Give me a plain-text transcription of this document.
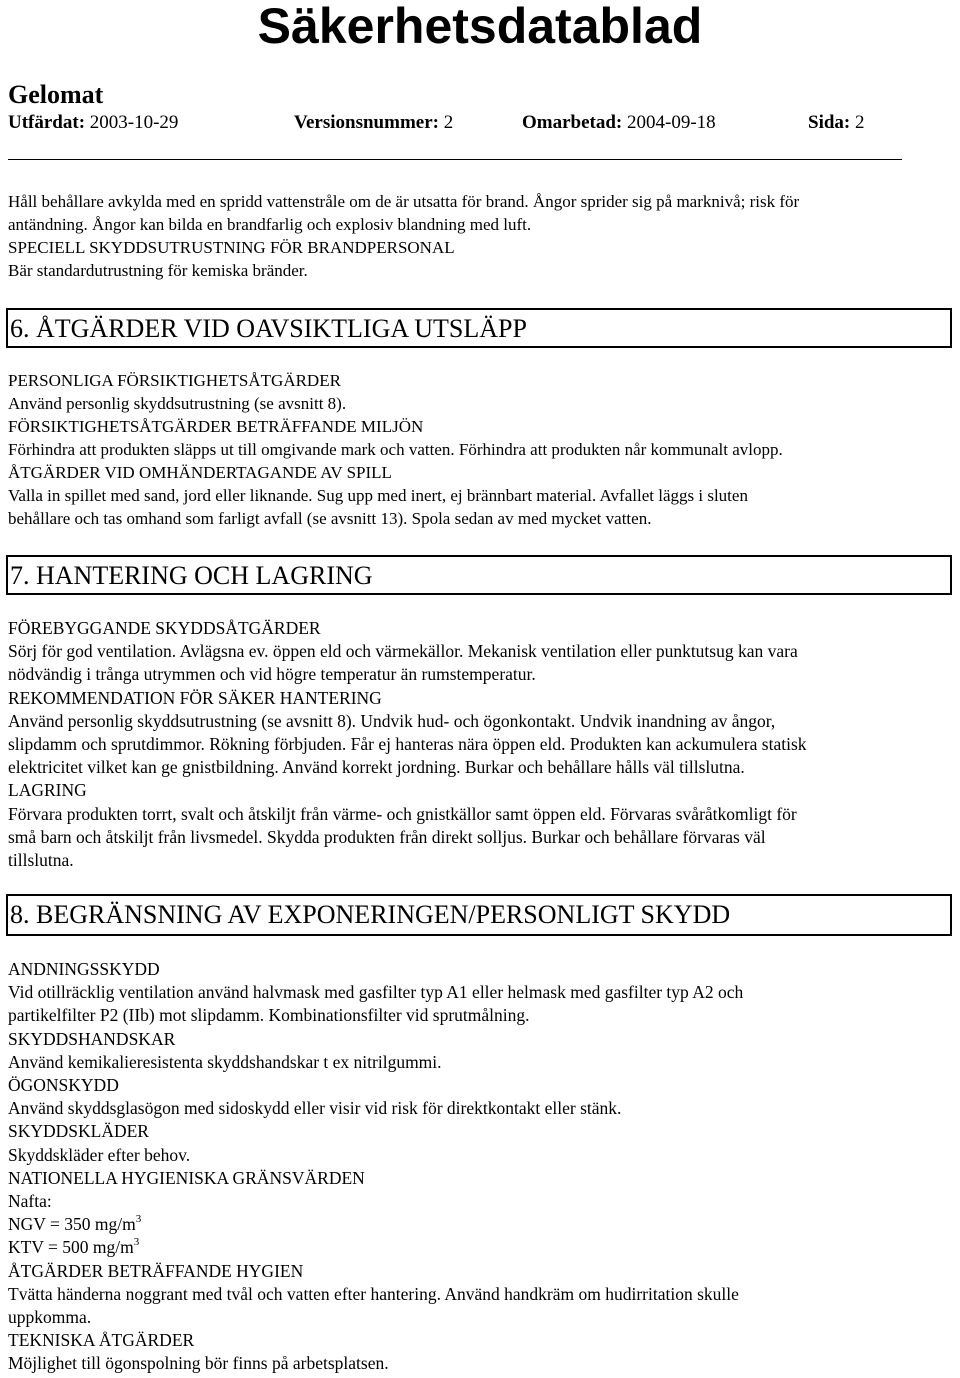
Säkerhetsdatablad
Gelomat
Utfärdat: 2003-10-29	Versionsnummer: 2	Omarbetad: 2004-09-18	Sida: 2

Håll behållare avkylda med en spridd vattenstråle om de är utsatta för brand. Ångor sprider sig på marknivå; risk för

antändning. Ångor kan bilda en brandfarlig och explosiv blandning med luft.

SPECIELL SKYDDSUTRUSTNING FÖR BRANDPERSONAL

Bär standardutrustning för kemiska bränder.

6. ÅTGÄRDER VID OAVSIKTLIGA UTSLÄPP

PERSONLIGA FÖRSIKTIGHETSÅTGÄRDER

Använd personlig skyddsutrustning (se avsnitt 8).

FÖRSIKTIGHETSÅTGÄRDER BETRÄFFANDE MILJÖN

Förhindra att produkten släpps ut till omgivande mark och vatten. Förhindra att produkten når kommunalt avlopp.

ÅTGÄRDER VID OMHÄNDERTAGANDE AV SPILL

Valla in spillet med sand, jord eller liknande. Sug upp med inert, ej brännbart material. Avfallet läggs i sluten

behållare och tas omhand som farligt avfall (se avsnitt 13). Spola sedan av med mycket vatten.

7. HANTERING OCH LAGRING

FÖREBYGGANDE SKYDDSÅTGÄRDER

Sörj för god ventilation. Avlägsna ev. öppen eld och värmekällor. Mekanisk ventilation eller punktutsug kan vara

nödvändig i trånga utrymmen och vid högre temperatur än rumstemperatur.

REKOMMENDATION FÖR SÄKER HANTERING

Använd personlig skyddsutrustning (se avsnitt 8). Undvik hud- och ögonkontakt. Undvik inandning av ångor,

slipdamm och sprutdimmor. Rökning förbjuden. Får ej hanteras nära öppen eld. Produkten kan ackumulera statisk

elektricitet vilket kan ge gnistbildning. Använd korrekt jordning. Burkar och behållare hålls väl tillslutna.

LAGRING

Förvara produkten torrt, svalt och åtskiljt från värme- och gnistkällor samt öppen eld. Förvaras svåråtkomligt för

små barn och åtskiljt från livsmedel. Skydda produkten från direkt solljus. Burkar och behållare förvaras väl

tillslutna.

8. BEGRÄNSNING AV EXPONERINGEN/PERSONLIGT SKYDD

ANDNINGSSKYDD

Vid otillräcklig ventilation använd halvmask med gasfilter typ A1 eller helmask med gasfilter typ A2 och

partikelfilter P2 (IIb) mot slipdamm. Kombinationsfilter vid sprutmålning.

SKYDDSHANDSKAR

Använd kemikalieresistenta skyddshandskar t ex nitrilgummi.

ÖGONSKYDD

Använd skyddsglasögon med sidoskydd eller visir vid risk för direktkontakt eller stänk.

SKYDDSKLÄDER

Skyddskläder efter behov.

NATIONELLA HYGIENISKA GRÄNSVÄRDEN

Nafta:

NGV = 350 $mg/m^3$

KTV = 500 $mg/m^3$

ÅTGÄRDER BETRÄFFANDE HYGIEN

Tvätta händerna noggrant med tvål och vatten efter hantering. Använd handkräm om hudirritation skulle

uppkomma.

TEKNISKA ÅTGÄRDER

Möjlighet till ögonspolning bör finns på arbetsplatsen.
